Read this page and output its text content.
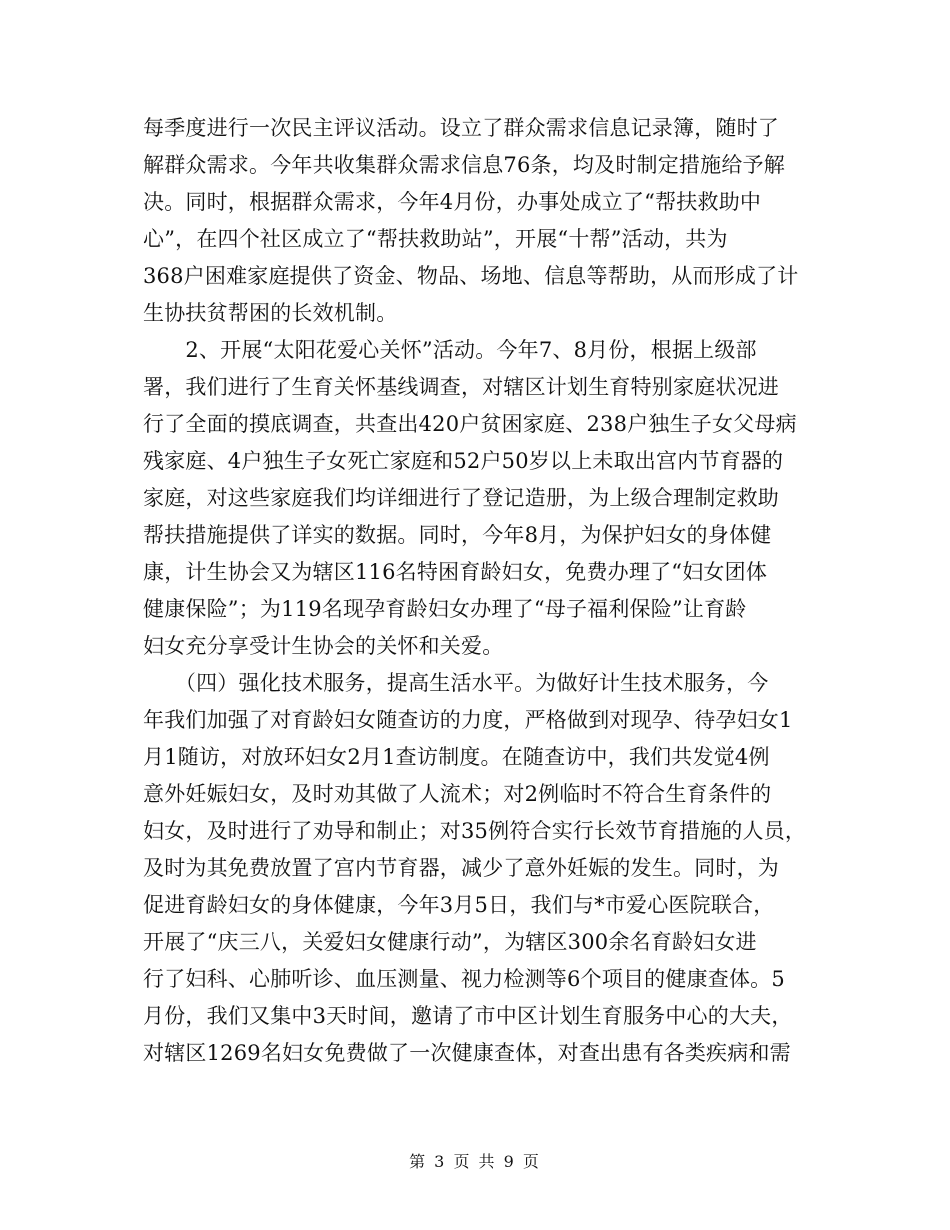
每季度进行一次民主评议活动。设立了群众需求信息记录簿，随时了
解群众需求。今年共收集群众需求信息76条，均及时制定措施给予解
决。同时，根据群众需求，今年4月份，办事处成立了“帮扶救助中
心”，在四个社区成立了“帮扶救助站”，开展“十帮”活动，共为
368户困难家庭提供了资金、物品、场地、信息等帮助，从而形成了计
生协扶贫帮困的长效机制。
　　2、开展“太阳花爱心关怀”活动。今年7、8月份，根据上级部
署，我们进行了生育关怀基线调查，对辖区计划生育特别家庭状况进
行了全面的摸底调查，共查出420户贫困家庭、238户独生子女父母病
残家庭、4户独生子女死亡家庭和52户50岁以上未取出宫内节育器的
家庭，对这些家庭我们均详细进行了登记造册，为上级合理制定救助
帮扶措施提供了详实的数据。同时，今年8月，为保护妇女的身体健
康，计生协会又为辖区116名特困育龄妇女，免费办理了“妇女团体
健康保险”；为119名现孕育龄妇女办理了“母子福利保险”让育龄
妇女充分享受计生协会的关怀和关爱。
　　（四）强化技术服务，提高生活水平。为做好计生技术服务，今
年我们加强了对育龄妇女随查访的力度，严格做到对现孕、待孕妇女1
月1随访，对放环妇女2月1查访制度。在随查访中，我们共发觉4例
意外妊娠妇女，及时劝其做了人流术；对2例临时不符合生育条件的
妇女，及时进行了劝导和制止；对35例符合实行长效节育措施的人员，
及时为其免费放置了宫内节育器，减少了意外妊娠的发生。同时，为
促进育龄妇女的身体健康，今年3月5日，我们与*市爱心医院联合，
开展了“庆三八，关爱妇女健康行动”，为辖区300余名育龄妇女进
行了妇科、心肺听诊、血压测量、视力检测等6个项目的健康查体。5
月份，我们又集中3天时间，邀请了市中区计划生育服务中心的大夫，
对辖区1269名妇女免费做了一次健康查体，对查出患有各类疾病和需
第 3 页 共 9 页
